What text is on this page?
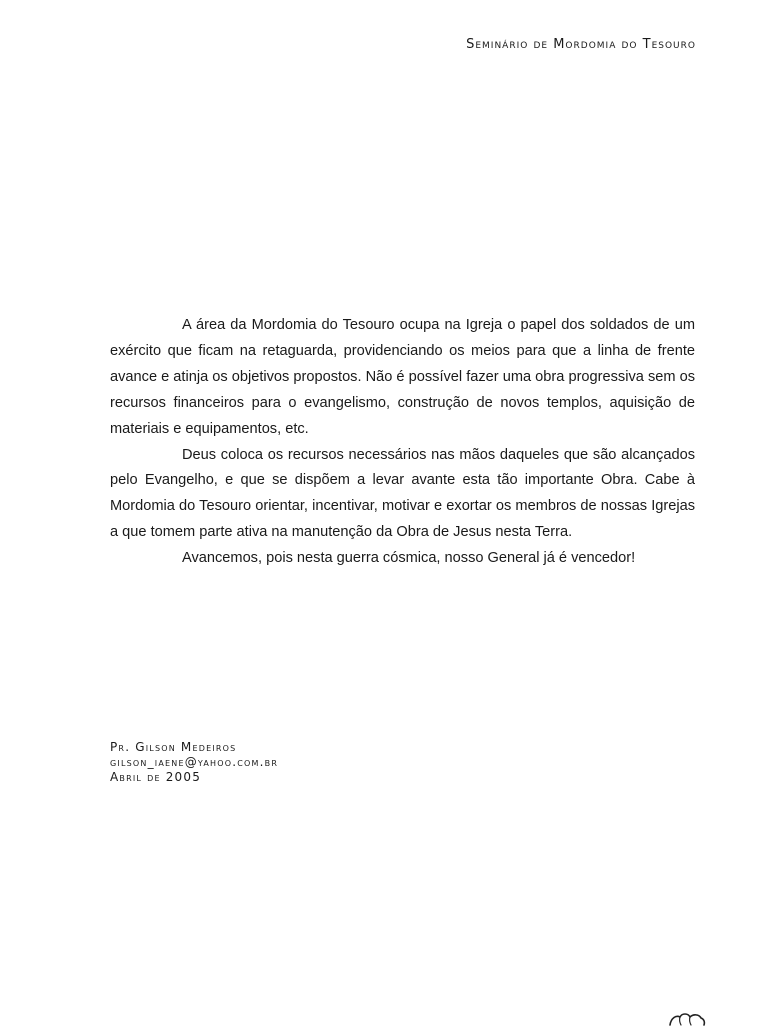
Seminário de Mordomia do Tesouro

A área da Mordomia do Tesouro ocupa na Igreja o papel dos soldados de um exército que ficam na retaguarda, providenciando os meios para que a linha de frente avance e atinja os objetivos propostos. Não é possível fazer uma obra progressiva sem os recursos financeiros para o evangelismo, construção de novos templos, aquisição de materiais e equipamentos, etc.

Deus coloca os recursos necessários nas mãos daqueles que são alcançados pelo Evangelho, e que se dispõem a levar avante esta tão importante Obra. Cabe à Mordomia do Tesouro orientar, incentivar, motivar e exortar os membros de nossas Igrejas a que tomem parte ativa na manutenção da Obra de Jesus nesta Terra.

Avancemos, pois nesta guerra cósmica, nosso General já é vencedor!

Pr. Gilson Medeiros
gilson_iaene@yahoo.com.br
Abril de 2005
